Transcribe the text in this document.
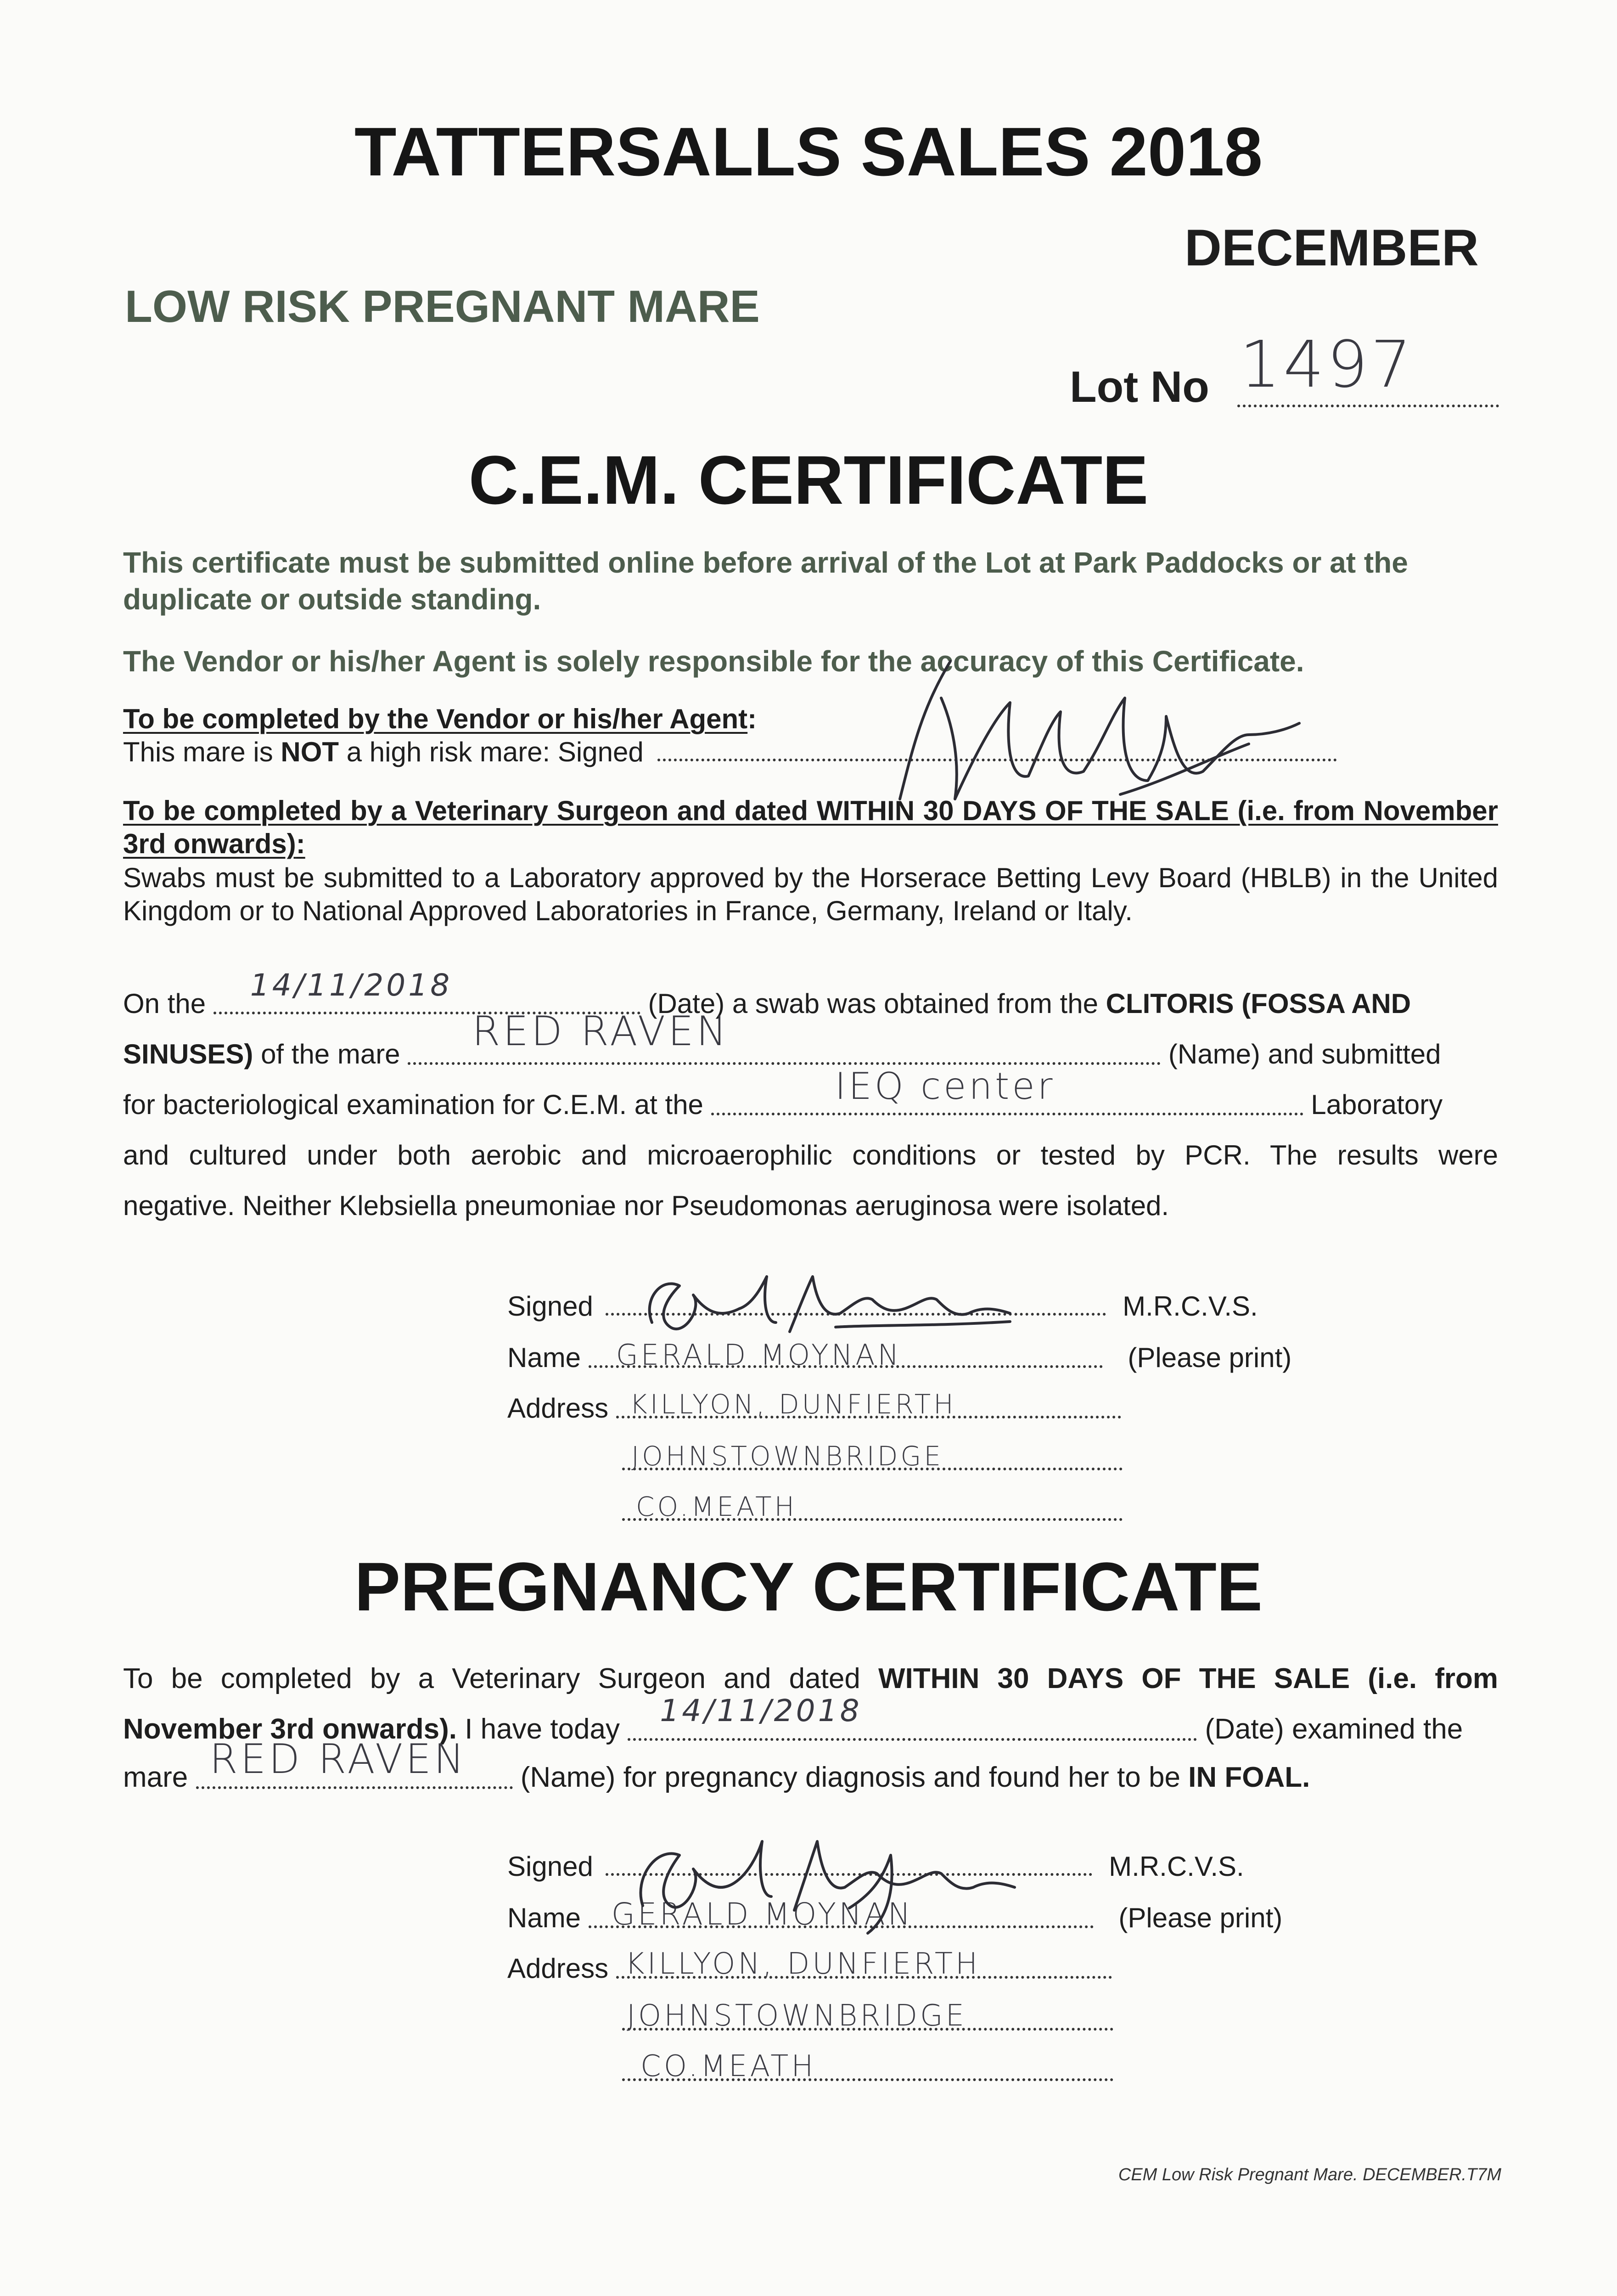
TATTERSALLS SALES 2018
DECEMBER
LOW RISK PREGNANT MARE
Lot No 1497
C.E.M. CERTIFICATE
This certificate must be submitted online before arrival of the Lot at Park Paddocks or at the duplicate or outside standing.
The Vendor or his/her Agent is solely responsible for the accuracy of this Certificate.
To be completed by the Vendor or his/her Agent:
This mare is NOT a high risk mare: Signed
To be completed by a Veterinary Surgeon and dated WITHIN 30 DAYS OF THE SALE (i.e. from November 3rd onwards):
Swabs must be submitted to a Laboratory approved by the Horserace Betting Levy Board (HBLB) in the United Kingdom or to National Approved Laboratories in France, Germany, Ireland or Italy.
On the
14/11/2018
(Date) a swab was obtained from the CLITORIS (FOSSA AND
SINUSES) of the mare RED RAVEN	(Name) and submitted
for bacteriological examination for C.E.M. at the	IEQ center	Laboratory
and cultured under both aerobic and microaerophilic conditions or tested by PCR. The results were
negative. Neither Klebsiella pneumoniae nor Pseudomonas aeruginosa were isolated.
Signed	M.R.C.V.S.
Name GERALD MOYNAN	(Please print)
Address KILLYON, DUNFIERTH

JOHNSTOWNBRIDGE

CO.MEATH

PREGNANCY CERTIFICATE
To be completed by a Veterinary Surgeon and dated WITHIN 30 DAYS OF THE SALE (i.e. from
November 3rd onwards). I have today
14/11/2018
(Date) examined the
mare RED RAVEN (Name) for pregnancy diagnosis and found her to be IN FOAL.
Signed	M.R.C.V.S.
Name GERALD MOYNAN	(Please print)
Address KILLYON, DUNFIERTH

JOHNSTOWNBRIDGE

CO.MEATH

CEM Low Risk Pregnant Mare. DECEMBER.T7M
